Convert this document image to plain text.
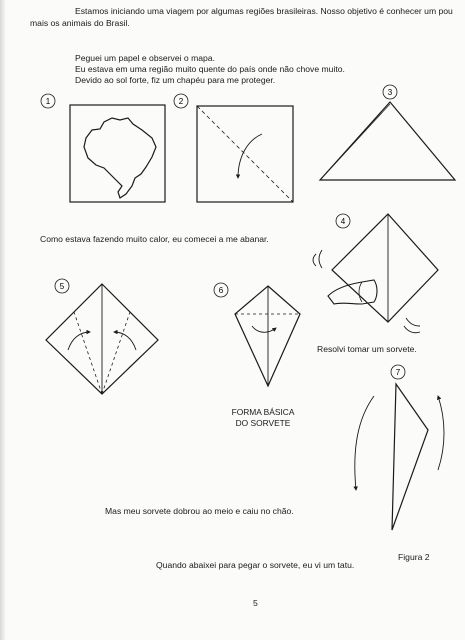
Estamos iniciando uma viagem por algumas regiões brasileiras. Nosso objetivo é conhecer um pou
mais os animais do Brasil.
Peguei um papel e observei o mapa.
Eu estava em uma região muito quente do país onde não chove muito.
Devido ao sol forte, fiz um chapéu para me proteger.
Como estava fazendo muito calor, eu comecei a me abanar.
Resolvi tomar um sorvete.
FORMA BÁSICA
DO SORVETE
Mas meu sorvete dobrou ao meio e caiu no chão.
Figura 2
Quando abaixei para pegar o sorvete, eu vi um tatu.
5
1	2
3
4
5	6
7
